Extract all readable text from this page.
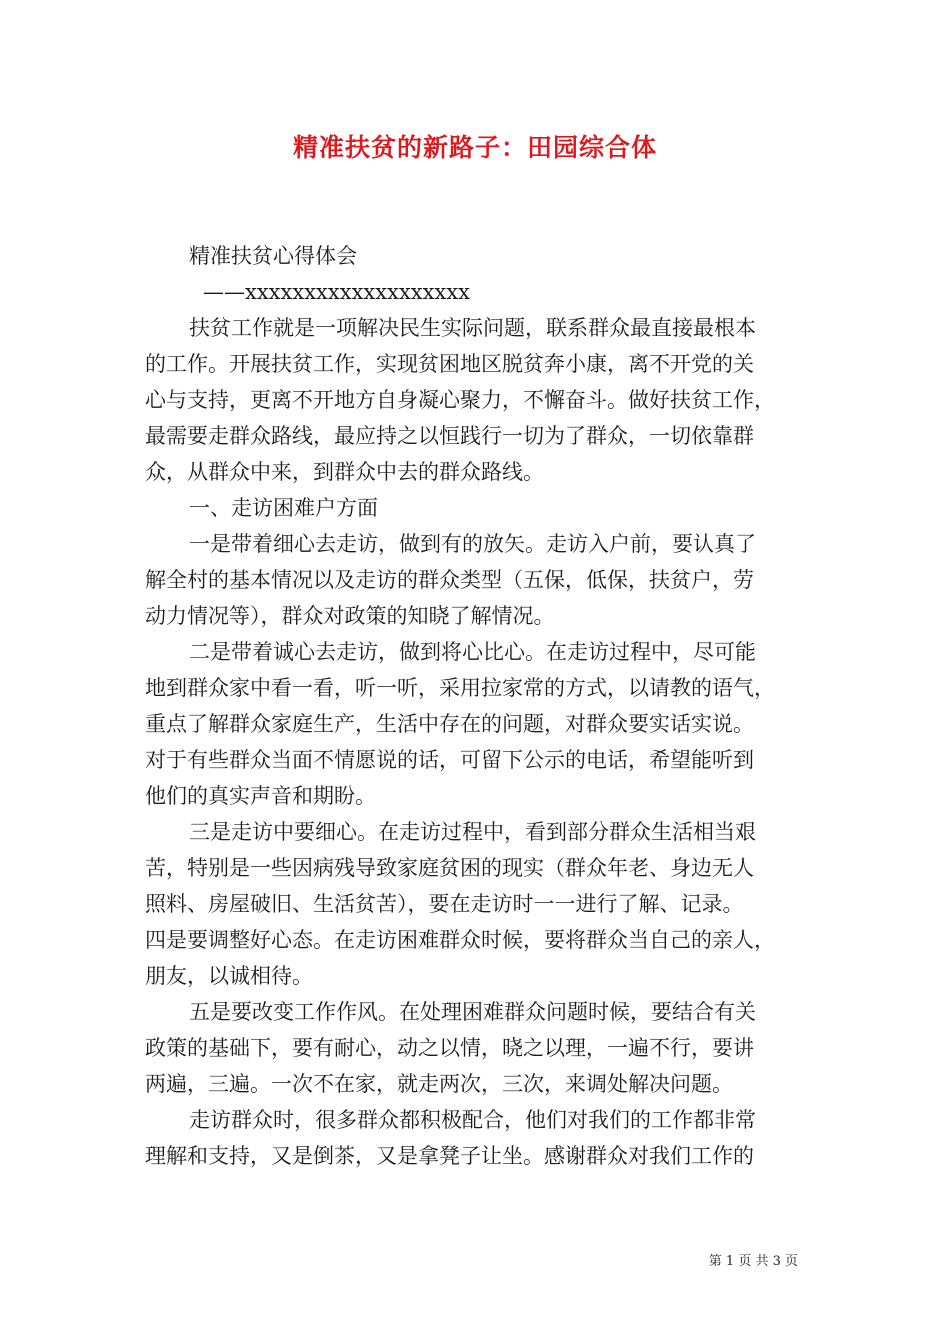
精准扶贫的新路子：田园综合体
精准扶贫心得体会
——xxxxxxxxxxxxxxxxxxx
扶贫工作就是一项解决民生实际问题，联系群众最直接最根本
的工作。开展扶贫工作，实现贫困地区脱贫奔小康，离不开党的关
心与支持，更离不开地方自身凝心聚力，不懈奋斗。做好扶贫工作，
最需要走群众路线，最应持之以恒践行一切为了群众，一切依靠群
众，从群众中来，到群众中去的群众路线。
一、走访困难户方面
一是带着细心去走访，做到有的放矢。走访入户前，要认真了
解全村的基本情况以及走访的群众类型（五保，低保，扶贫户，劳
动力情况等），群众对政策的知晓了解情况。
二是带着诚心去走访，做到将心比心。在走访过程中，尽可能
地到群众家中看一看，听一听，采用拉家常的方式，以请教的语气，
重点了解群众家庭生产，生活中存在的问题，对群众要实话实说。
对于有些群众当面不情愿说的话，可留下公示的电话，希望能听到
他们的真实声音和期盼。
三是走访中要细心。在走访过程中，看到部分群众生活相当艰
苦，特别是一些因病残导致家庭贫困的现实（群众年老、身边无人
照料、房屋破旧、生活贫苦），要在走访时一一进行了解、记录。
四是要调整好心态。在走访困难群众时候，要将群众当自己的亲人，
朋友，以诚相待。
五是要改变工作作风。在处理困难群众问题时候，要结合有关
政策的基础下，要有耐心，动之以情，晓之以理，一遍不行，要讲
两遍，三遍。一次不在家，就走两次，三次，来调处解决问题。
走访群众时，很多群众都积极配合，他们对我们的工作都非常
理解和支持，又是倒茶，又是拿凳子让坐。感谢群众对我们工作的
第 1 页 共 3 页
